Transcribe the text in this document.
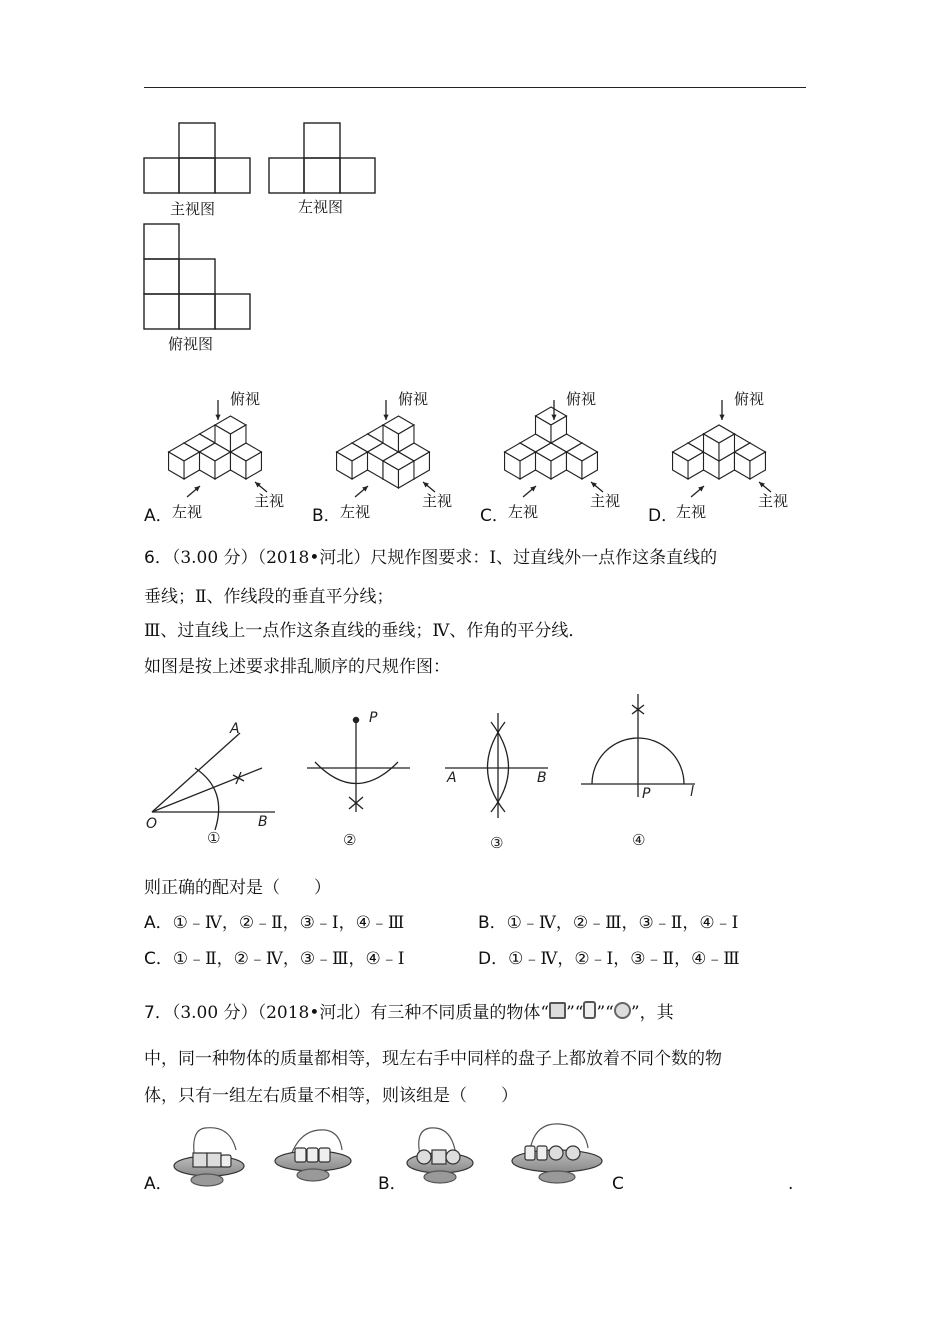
主视图	左视图
俯视图
A．	B．	C．	D．
俯视
左视
主视
俯视
左视
主视
俯视
左视
主视
俯视
左视
主视
6．（3.00 分）（2018•河北）尺规作图要求：Ⅰ、过直线外一点作这条直线的
垂线；Ⅱ、作线段的垂直平分线；
Ⅲ、过直线上一点作这条直线的垂线；Ⅳ、作角的平分线．
如图是按上述要求排乱顺序的尺规作图：
A
O	B
P
A	B
P	l
①	②	③	④
则正确的配对是（　　）
A．①﹣Ⅳ，②﹣Ⅱ，③﹣Ⅰ，④﹣Ⅲ	B．①﹣Ⅳ，②﹣Ⅲ，③﹣Ⅱ，④﹣Ⅰ
C．①﹣Ⅱ，②﹣Ⅳ，③﹣Ⅲ，④﹣Ⅰ	D．①﹣Ⅳ，②﹣Ⅰ，③﹣Ⅱ，④﹣Ⅲ
7．（3.00 分）（2018•河北）有三种不同质量的物体“ ”“ ”“ ”，其
中，同一种物体的质量都相等，现左右手中同样的盘子上都放着不同个数的物
体，只有一组左右质量不相等，则该组是（　　）
A．	B．	C	.
